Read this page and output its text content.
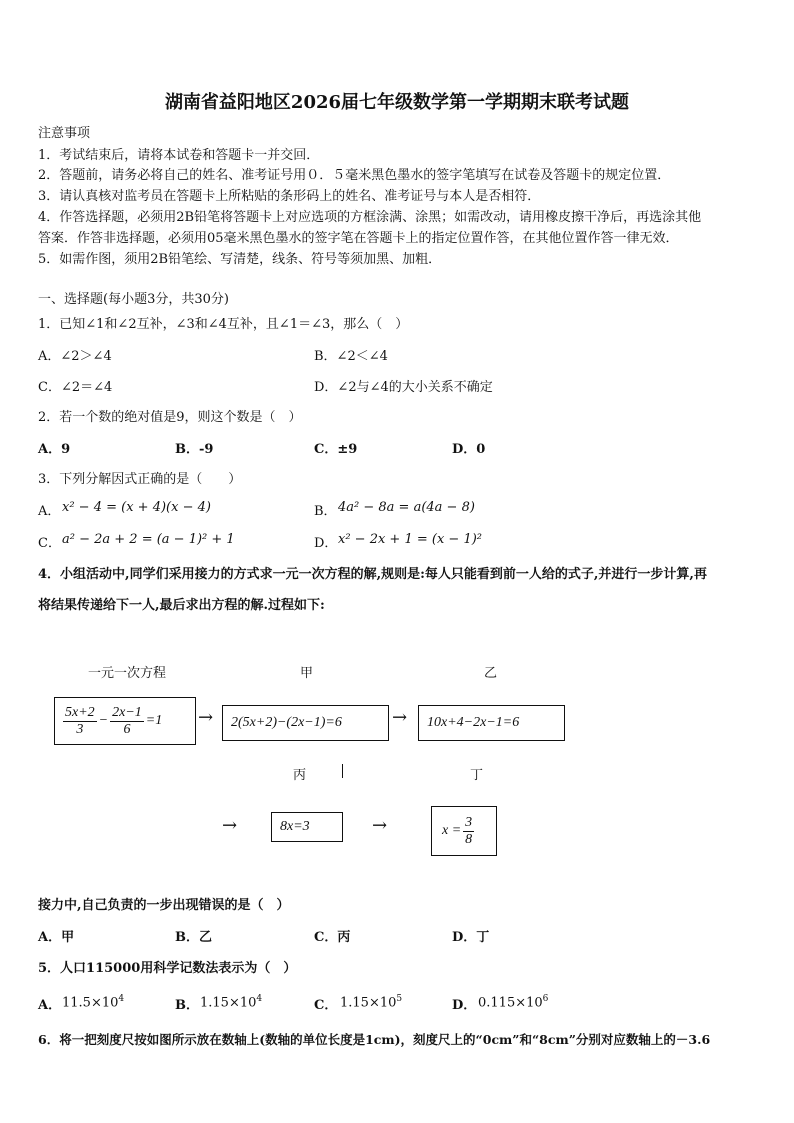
湖南省益阳地区2026届七年级数学第一学期期末联考试题
注意事项
1．考试结束后，请将本试卷和答题卡一并交回．
2．答题前，请务必将自己的姓名、准考证号用０．５毫米黑色墨水的签字笔填写在试卷及答题卡的规定位置．
3．请认真核对监考员在答题卡上所粘贴的条形码上的姓名、准考证号与本人是否相符．
4．作答选择题，必须用2B铅笔将答题卡上对应选项的方框涂满、涂黑；如需改动，请用橡皮擦干净后，再选涂其他
答案．作答非选择题，必须用05毫米黑色墨水的签字笔在答题卡上的指定位置作答，在其他位置作答一律无效．
5．如需作图，须用2B铅笔绘、写清楚，线条、符号等须加黑、加粗．
一、选择题(每小题3分，共30分)
1．已知∠1和∠2互补，∠3和∠4互补，且∠1＝∠3，那么（　）
A．∠2＞∠4	B．∠2＜∠4
C．∠2＝∠4	D．∠2与∠4的大小关系不确定
2．若一个数的绝对值是9，则这个数是（　）
A．9	B．-9	C．±9	D．0
3．下列分解因式正确的是（　　）
A． x² − 4 = (x + 4)(x − 4)	B． 4a² − 8a = a(4a − 8)
C． a² − 2a + 2 = (a − 1)² + 1	D． x² − 2x + 1 = (x − 1)²
4．小组活动中,同学们采用接力的方式求一元一次方程的解,规则是:每人只能看到前一人给的式子,并进行一步计算,再
将结果传递给下一人,最后求出方程的解.过程如下:
一元一次方程	甲	乙
$\frac{5x+2}{3} - \frac{2x-1}{6} =1$ →	2(5x+2)−(2x−1)=6	→	10x+4−2x−1=6
丙	丁
→	8x=3	→	$x = \frac{3}{8}$
接力中,自己负责的一步出现错误的是（　）
A．甲	B．乙	C．丙	D．丁
5．人口115000用科学记数法表示为（　）
A． $11.5\times 10^4$	B． $1.15\times 10^4$	C． $1.15\times 10^5$	D． $0.115\times 10^6$
6．将一把刻度尺按如图所示放在数轴上(数轴的单位长度是1cm)，刻度尺上的“0cm”和“8cm”分别对应数轴上的－3.6
